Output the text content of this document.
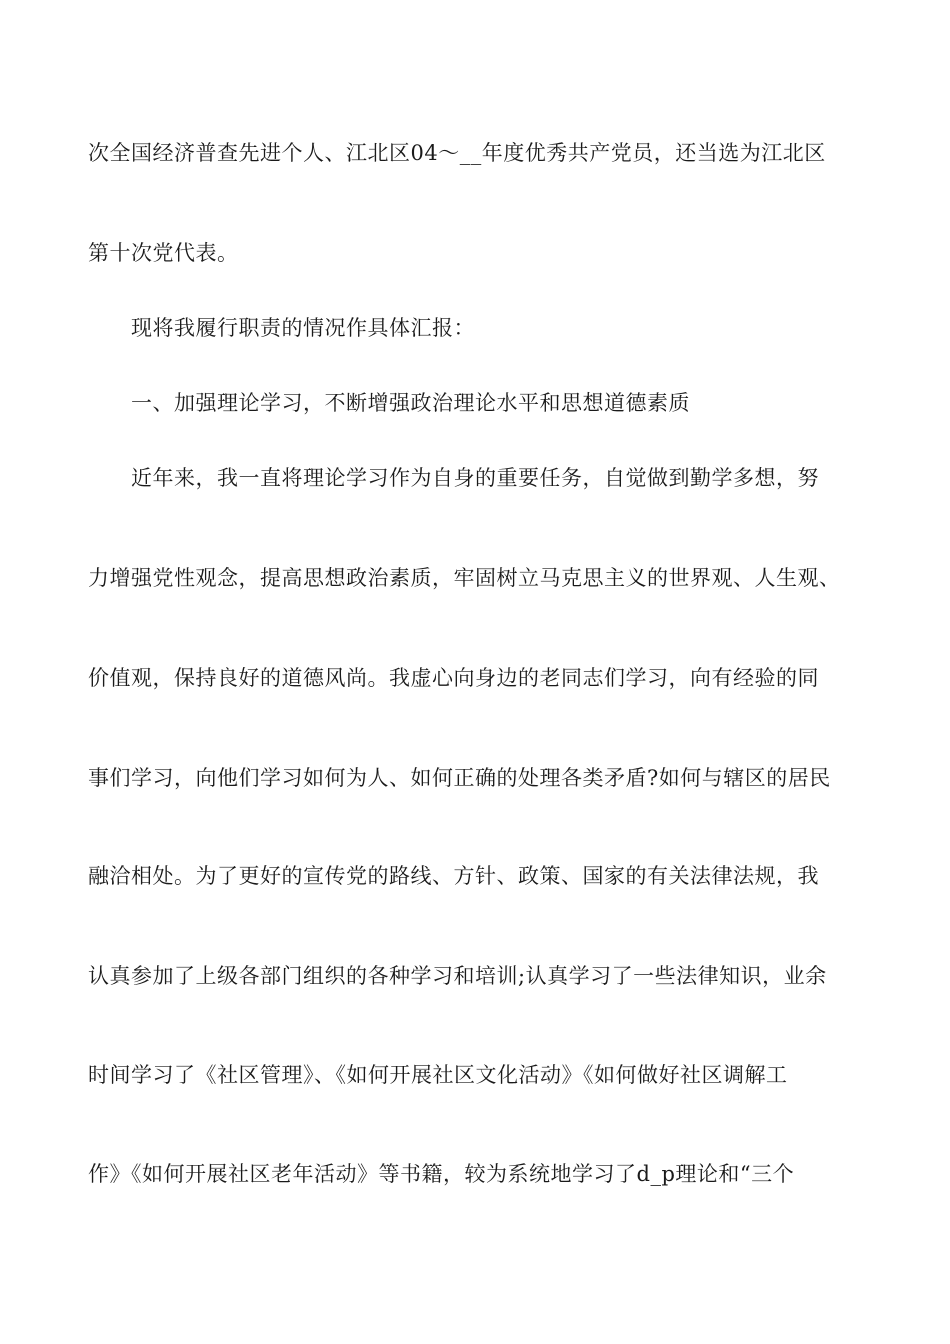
次全国经济普查先进个人、江北区04～__年度优秀共产党员，还当选为江北区
第十次党代表。
现将我履行职责的情况作具体汇报：
一、加强理论学习，不断增强政治理论水平和思想道德素质
近年来，我一直将理论学习作为自身的重要任务，自觉做到勤学多想，努
力增强党性观念，提高思想政治素质，牢固树立马克思主义的世界观、人生观、
价值观，保持良好的道德风尚。我虚心向身边的老同志们学习，向有经验的同
事们学习，向他们学习如何为人、如何正确的处理各类矛盾?如何与辖区的居民
融洽相处。为了更好的宣传党的路线、方针、政策、国家的有关法律法规，我
认真参加了上级各部门组织的各种学习和培训;认真学习了一些法律知识，业余
时间学习了《社区管理》、《如何开展社区文化活动》《如何做好社区调解工
作》《如何开展社区老年活动》等书籍，较为系统地学习了d_p理论和“三个
